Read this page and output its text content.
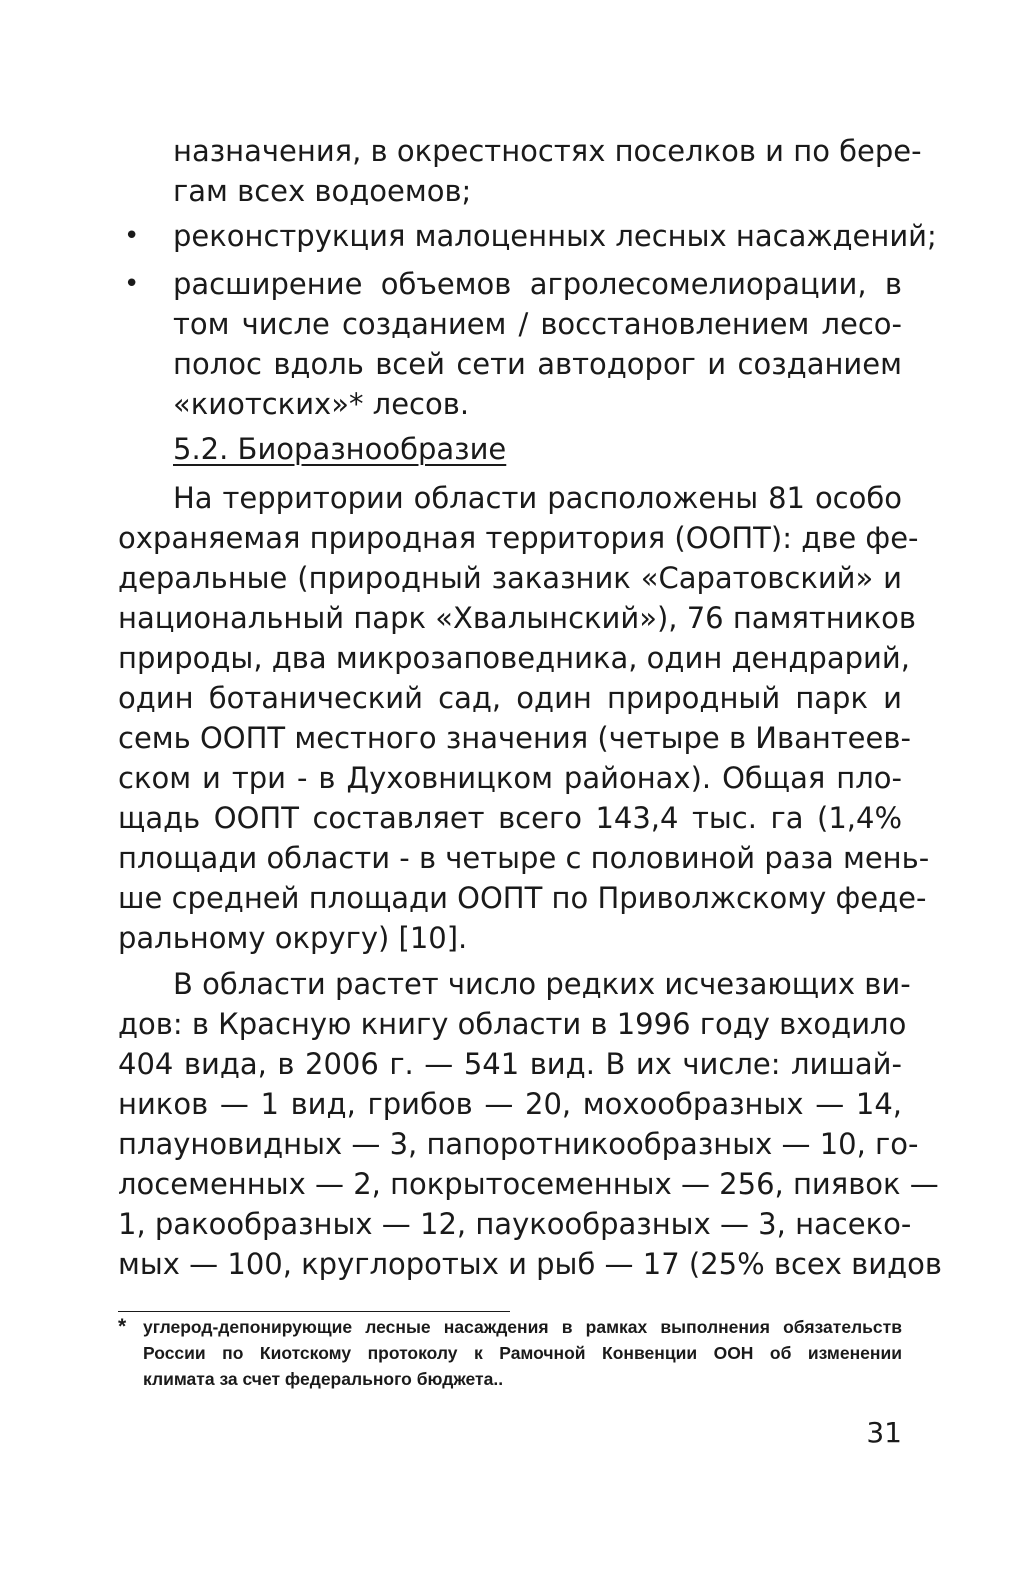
назначения, в окрестностях поселков и по бере-
гам всех водоемов;
• реконструкция малоценных лесных насаждений;
• расширение объемов агролесомелиорации, в
том числе созданием / восстановлением лесо-
полос вдоль всей сети автодорог и созданием
«киотских»* лесов.
5.2. Биоразнообразие
На территории области расположены 81 особо
охраняемая природная территория (ООПТ): две фе-
деральные (природный заказник «Саратовский» и
национальный парк «Хвалынский»), 76 памятников
природы, два микрозаповедника, один дендрарий,
один ботанический сад, один природный парк и
семь ООПТ местного значения (четыре в Ивантеев-
ском и три - в Духовницком районах). Общая пло-
щадь ООПТ составляет всего 143,4 тыс. га (1,4%
площади области - в четыре с половиной раза мень-
ше средней площади ООПТ по Приволжскому феде-
ральному округу) [10].
В области растет число редких исчезающих ви-
дов: в Красную книгу области в 1996 году входило
404 вида, в 2006 г. — 541 вид. В их числе: лишай-
ников — 1 вид, грибов — 20, мохообразных — 14,
плауновидных — 3, папоротникообразных — 10, го-
лосеменных — 2, покрытосеменных — 256, пиявок —
1, ракообразных — 12, паукообразных — 3, насеко-
мых — 100, круглоротых и рыб — 17 (25% всех видов
* углерод-депонирующие лесные насаждения в рамках выполнения обязательств
России по Киотскому протоколу к Рамочной Конвенции ООН об изменении
климата за счет федерального бюджета..
31
